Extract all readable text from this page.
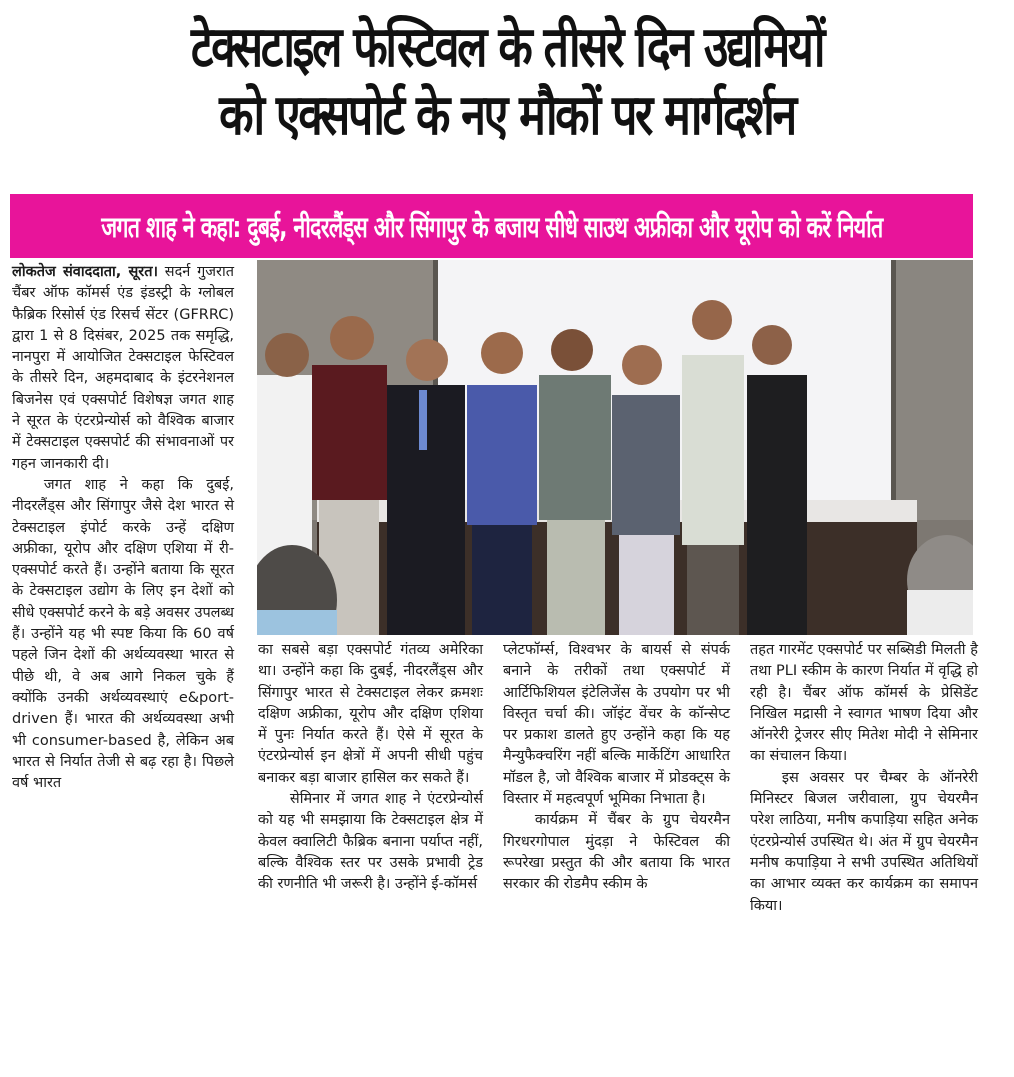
टेक्सटाइल फेस्टिवल के तीसरे दिन उद्यमियों
को एक्सपोर्ट के नए मौकों पर मार्गदर्शन
जगत शाह ने कहा: दुबई, नीदरलैंड्स और सिंगापुर के बजाय सीधे साउथ अफ्रीका और यूरोप को करें निर्यात

लोकतेज संवाददाता, सूरत। सदर्न गुजरात चैंबर ऑफ कॉमर्स एंड इंडस्ट्री के ग्लोबल फैब्रिक रिसोर्स एंड रिसर्च सेंटर (GFRRC) द्वारा 1 से 8 दिसंबर, 2025 तक समृद्धि, नानपुरा में आयोजित टेक्सटाइल फेस्टिवल के तीसरे दिन, अहमदाबाद के इंटरनेशनल बिजनेस एवं एक्सपोर्ट विशेषज्ञ जगत शाह ने सूरत के एंटरप्रेन्योर्स को वैश्विक बाजार में टेक्सटाइल एक्सपोर्ट की संभावनाओं पर गहन जानकारी दी।

जगत शाह ने कहा कि दुबई, नीदरलैंड्स और सिंगापुर जैसे देश भारत से टेक्सटाइल इंपोर्ट करके उन्हें दक्षिण अफ्रीका, यूरोप और दक्षिण एशिया में री-एक्सपोर्ट करते हैं। उन्होंने बताया कि सूरत के टेक्सटाइल उद्योग के लिए इन देशों को सीधे एक्सपोर्ट करने के बड़े अवसर उपलब्ध हैं। उन्होंने यह भी स्पष्ट किया कि 60 वर्ष पहले जिन देशों की अर्थव्यवस्था भारत से पीछे थी, वे अब आगे निकल चुके हैं क्योंकि उनकी अर्थव्यवस्थाएं e&port-driven हैं। भारत की अर्थव्यवस्था अभी भी consumer-based है, लेकिन अब भारत से निर्यात तेजी से बढ़ रहा है। पिछले वर्ष भारत

का सबसे बड़ा एक्सपोर्ट गंतव्य अमेरिका था। उन्होंने कहा कि दुबई, नीदरलैंड्स और सिंगापुर भारत से टेक्सटाइल लेकर क्रमशः दक्षिण अफ्रीका, यूरोप और दक्षिण एशिया में पुनः निर्यात करते हैं। ऐसे में सूरत के एंटरप्रेन्योर्स इन क्षेत्रों में अपनी सीधी पहुंच बनाकर बड़ा बाजार हासिल कर सकते हैं।

सेमिनार में जगत शाह ने एंटरप्रेन्योर्स को यह भी समझाया कि टेक्सटाइल क्षेत्र में केवल क्वालिटी फैब्रिक बनाना पर्याप्त नहीं, बल्कि वैश्विक स्तर पर उसके प्रभावी ट्रेड की रणनीति भी जरूरी है। उन्होंने ई-कॉमर्स

प्लेटफॉर्म्स, विश्वभर के बायर्स से संपर्क बनाने के तरीकों तथा एक्सपोर्ट में आर्टिफिशियल इंटेलिजेंस के उपयोग पर भी विस्तृत चर्चा की। जॉइंट वेंचर के कॉन्सेप्ट पर प्रकाश डालते हुए उन्होंने कहा कि यह मैन्युफैक्चरिंग नहीं बल्कि मार्केटिंग आधारित मॉडल है, जो वैश्विक बाजार में प्रोडक्ट्स के विस्तार में महत्वपूर्ण भूमिका निभाता है।

कार्यक्रम में चैंबर के ग्रुप चेयरमैन गिरधरगोपाल मुंदड़ा ने फेस्टिवल की रूपरेखा प्रस्तुत की और बताया कि भारत सरकार की रोडमैप स्कीम के

तहत गारमेंट एक्सपोर्ट पर सब्सिडी मिलती है तथा PLI स्कीम के कारण निर्यात में वृद्धि हो रही है। चैंबर ऑफ कॉमर्स के प्रेसिडेंट निखिल मद्रासी ने स्वागत भाषण दिया और ऑनरेरी ट्रेजरर सीए मितेश मोदी ने सेमिनार का संचालन किया।

इस अवसर पर चैम्बर के ऑनरेरी मिनिस्टर बिजल जरीवाला, ग्रुप चेयरमैन परेश लाठिया, मनीष कपाड़िया सहित अनेक एंटरप्रेन्योर्स उपस्थित थे। अंत में ग्रुप चेयरमैन मनीष कपाड़िया ने सभी उपस्थित अतिथियों का आभार व्यक्त कर कार्यक्रम का समापन किया।
